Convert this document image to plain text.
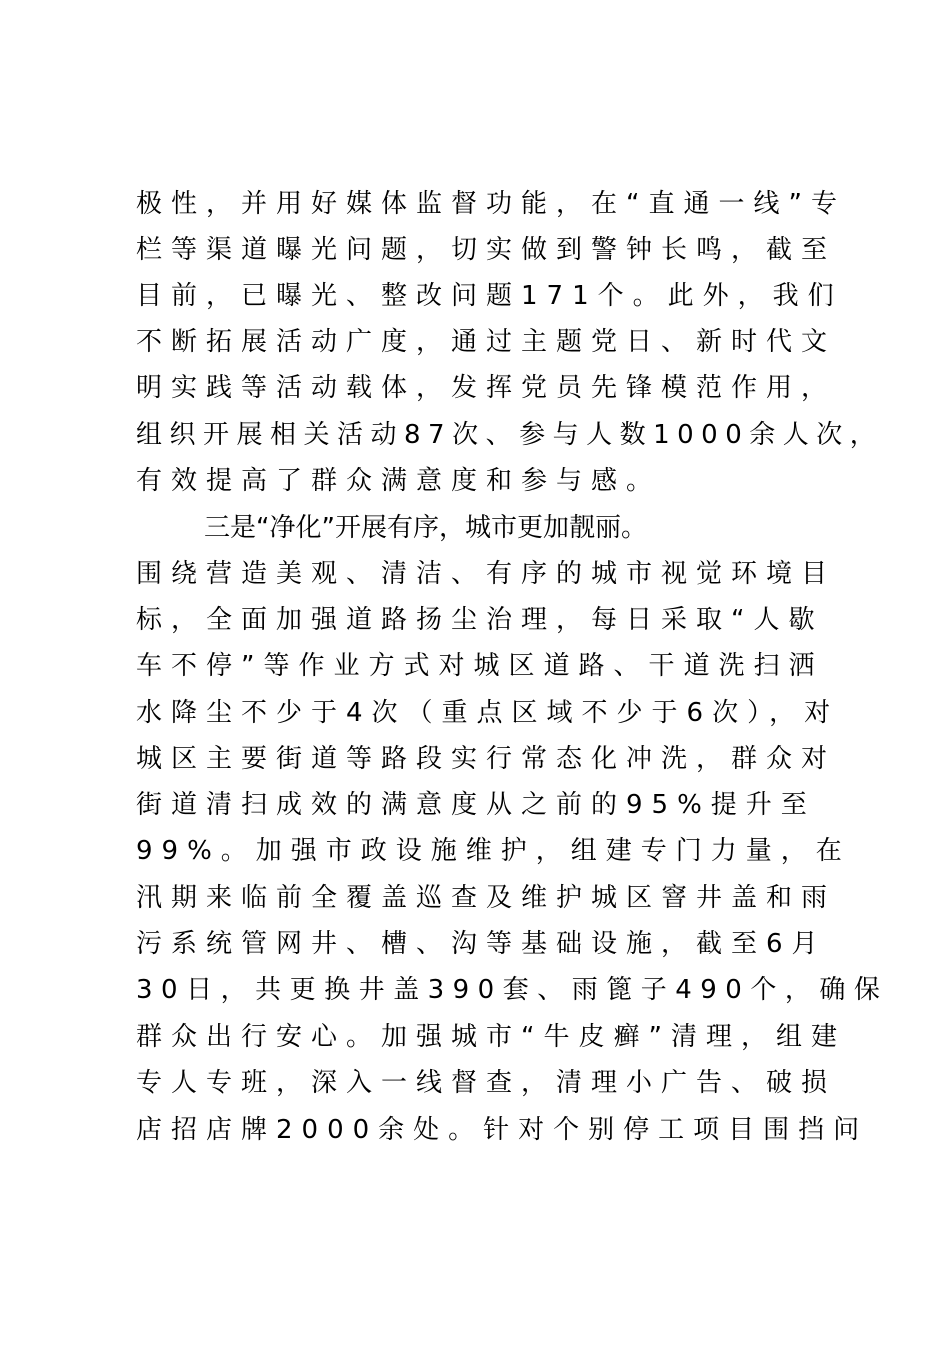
极性，并用好媒体监督功能，在“直通一线”专
栏等渠道曝光问题，切实做到警钟长鸣，截至
目前，已曝光、整改问题171个。此外，我们
不断拓展活动广度，通过主题党日、新时代文
明实践等活动载体，发挥党员先锋模范作用，
组织开展相关活动87次、参与人数1000余人次，
有效提高了群众满意度和参与感。
三是“净化”开展有序，城市更加靓丽。
围绕营造美观、清洁、有序的城市视觉环境目
标，全面加强道路扬尘治理，每日采取“人歇
车不停”等作业方式对城区道路、干道洗扫洒
水降尘不少于4次（重点区域不少于6次），对
城区主要街道等路段实行常态化冲洗，群众对
街道清扫成效的满意度从之前的95%提升至
99%。加强市政设施维护，组建专门力量，在
汛期来临前全覆盖巡查及维护城区窨井盖和雨
污系统管网井、槽、沟等基础设施，截至6月
30日，共更换井盖390套、雨篦子490个，确保
群众出行安心。加强城市“牛皮癣”清理，组建
专人专班，深入一线督查，清理小广告、破损
店招店牌2000余处。针对个别停工项目围挡问
